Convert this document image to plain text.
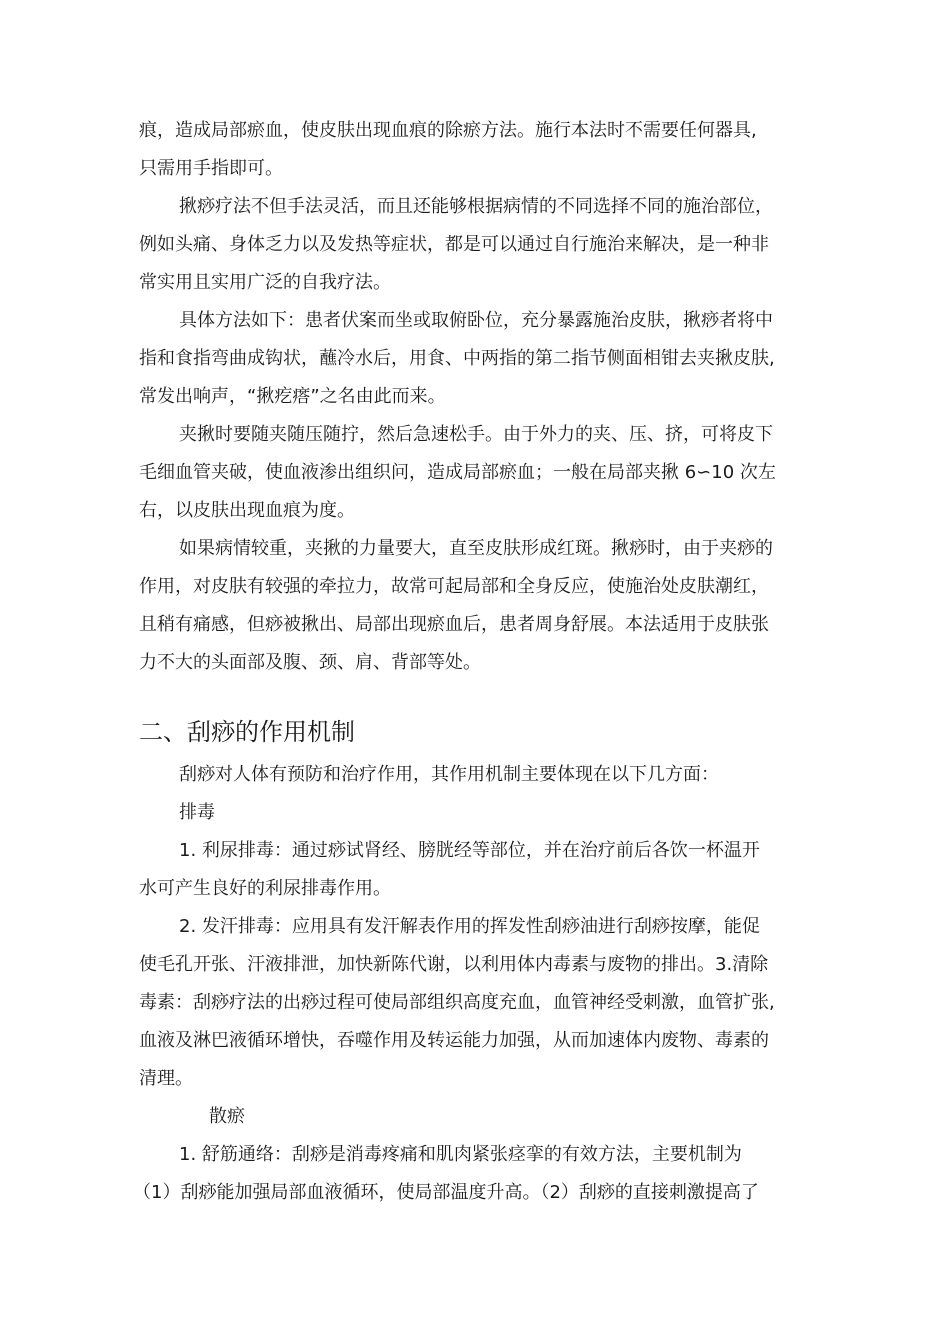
痕，造成局部瘀血，使皮肤出现血痕的除瘀方法。施行本法时不需要任何器具,

只需用手指即可。

揪痧疗法不但手法灵活，而且还能够根据病情的不同选择不同的施治部位，

例如头痛、身体乏力以及发热等症状，都是可以通过自行施治来解决，是一种非

常实用且实用广泛的自我疗法。

具体方法如下：患者伏案而坐或取俯卧位，充分暴露施治皮肤，揪痧者将中

指和食指弯曲成钩状，蘸冷水后，用食、中两指的第二指节侧面相钳去夹揪皮肤,

常发出响声，“揪疙瘩”之名由此而来。

夹揪时要随夹随压随拧，然后急速松手。由于外力的夹、压、挤，可将皮下

毛细血管夹破，使血液渗出组织问，造成局部瘀血；一般在局部夹揪 6∽10 次左

右，以皮肤出现血痕为度。

如果病情较重，夹揪的力量要大，直至皮肤形成红斑。揪痧时，由于夹痧的

作用，对皮肤有较强的牵拉力，故常可起局部和全身反应，使施治处皮肤潮红，

且稍有痛感，但痧被揪出、局部出现瘀血后，患者周身舒展。本法适用于皮肤张

力不大的头面部及腹、颈、肩、背部等处。

二、刮痧的作用机制

刮痧对人体有预防和治疗作用，其作用机制主要体现在以下几方面：

排毒

1. 利尿排毒：通过痧试肾经、膀胱经等部位，并在治疗前后各饮一杯温开

水可产生良好的利尿排毒作用。

2. 发汗排毒：应用具有发汗解表作用的挥发性刮痧油进行刮痧按摩，能促

使毛孔开张、汗液排泄，加快新陈代谢，以利用体内毒素与废物的排出。3.清除

毒素：刮痧疗法的出痧过程可使局部组织高度充血，血管神经受刺激，血管扩张,

血液及淋巴液循环增快，吞噬作用及转运能力加强，从而加速体内废物、毒素的

清理。

散瘀

1. 舒筋通络：刮痧是消毒疼痛和肌肉紧张痉挛的有效方法，主要机制为

（1）刮痧能加强局部血液循环，使局部温度升高。（2）刮痧的直接刺激提高了
